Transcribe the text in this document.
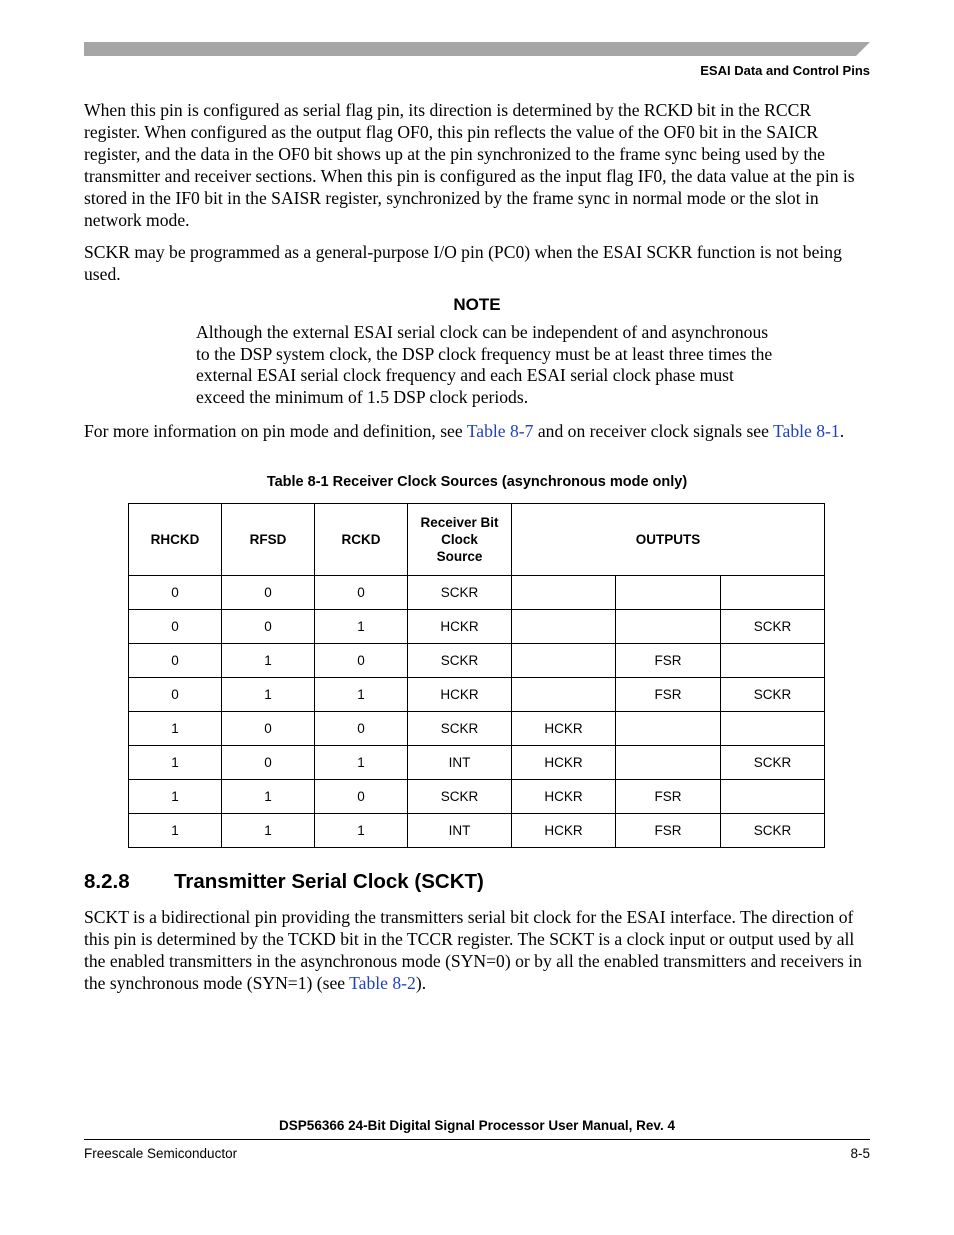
ESAI Data and Control Pins

When this pin is configured as serial flag pin, its direction is determined by the RCKD bit in the RCCR register. When configured as the output flag OF0, this pin reflects the value of the OF0 bit in the SAICR register, and the data in the OF0 bit shows up at the pin synchronized to the frame sync being used by the transmitter and receiver sections. When this pin is configured as the input flag IF0, the data value at the pin is stored in the IF0 bit in the SAISR register, synchronized by the frame sync in normal mode or the slot in network mode.

SCKR may be programmed as a general-purpose I/O pin (PC0) when the ESAI SCKR function is not being used.

NOTE

Although the external ESAI serial clock can be independent of and asynchronous to the DSP system clock, the DSP clock frequency must be at least three times the external ESAI serial clock frequency and each ESAI serial clock phase must exceed the minimum of 1.5 DSP clock periods.

For more information on pin mode and definition, see Table 8-7 and on receiver clock signals see Table 8-1.

Table 8-1 Receiver Clock Sources (asynchronous mode only)
RHCKD	RFSD	RCKD	Receiver Bit Clock Source	OUTPUTS		
0	0	0	SCKR			
0	0	1	HCKR			SCKR
0	1	0	SCKR		FSR	
0	1	1	HCKR		FSR	SCKR
1	0	0	SCKR	HCKR		
1	0	1	INT	HCKR		SCKR
1	1	0	SCKR	HCKR	FSR	
1	1	1	INT	HCKR	FSR	SCKR
8.2.8 Transmitter Serial Clock (SCKT)

SCKT is a bidirectional pin providing the transmitters serial bit clock for the ESAI interface. The direction of this pin is determined by the TCKD bit in the TCCR register. The SCKT is a clock input or output used by all the enabled transmitters in the asynchronous mode (SYN=0) or by all the enabled transmitters and receivers in the synchronous mode (SYN=1) (see Table 8-2).

DSP56366 24-Bit Digital Signal Processor User Manual, Rev. 4
Freescale Semiconductor	8-5
